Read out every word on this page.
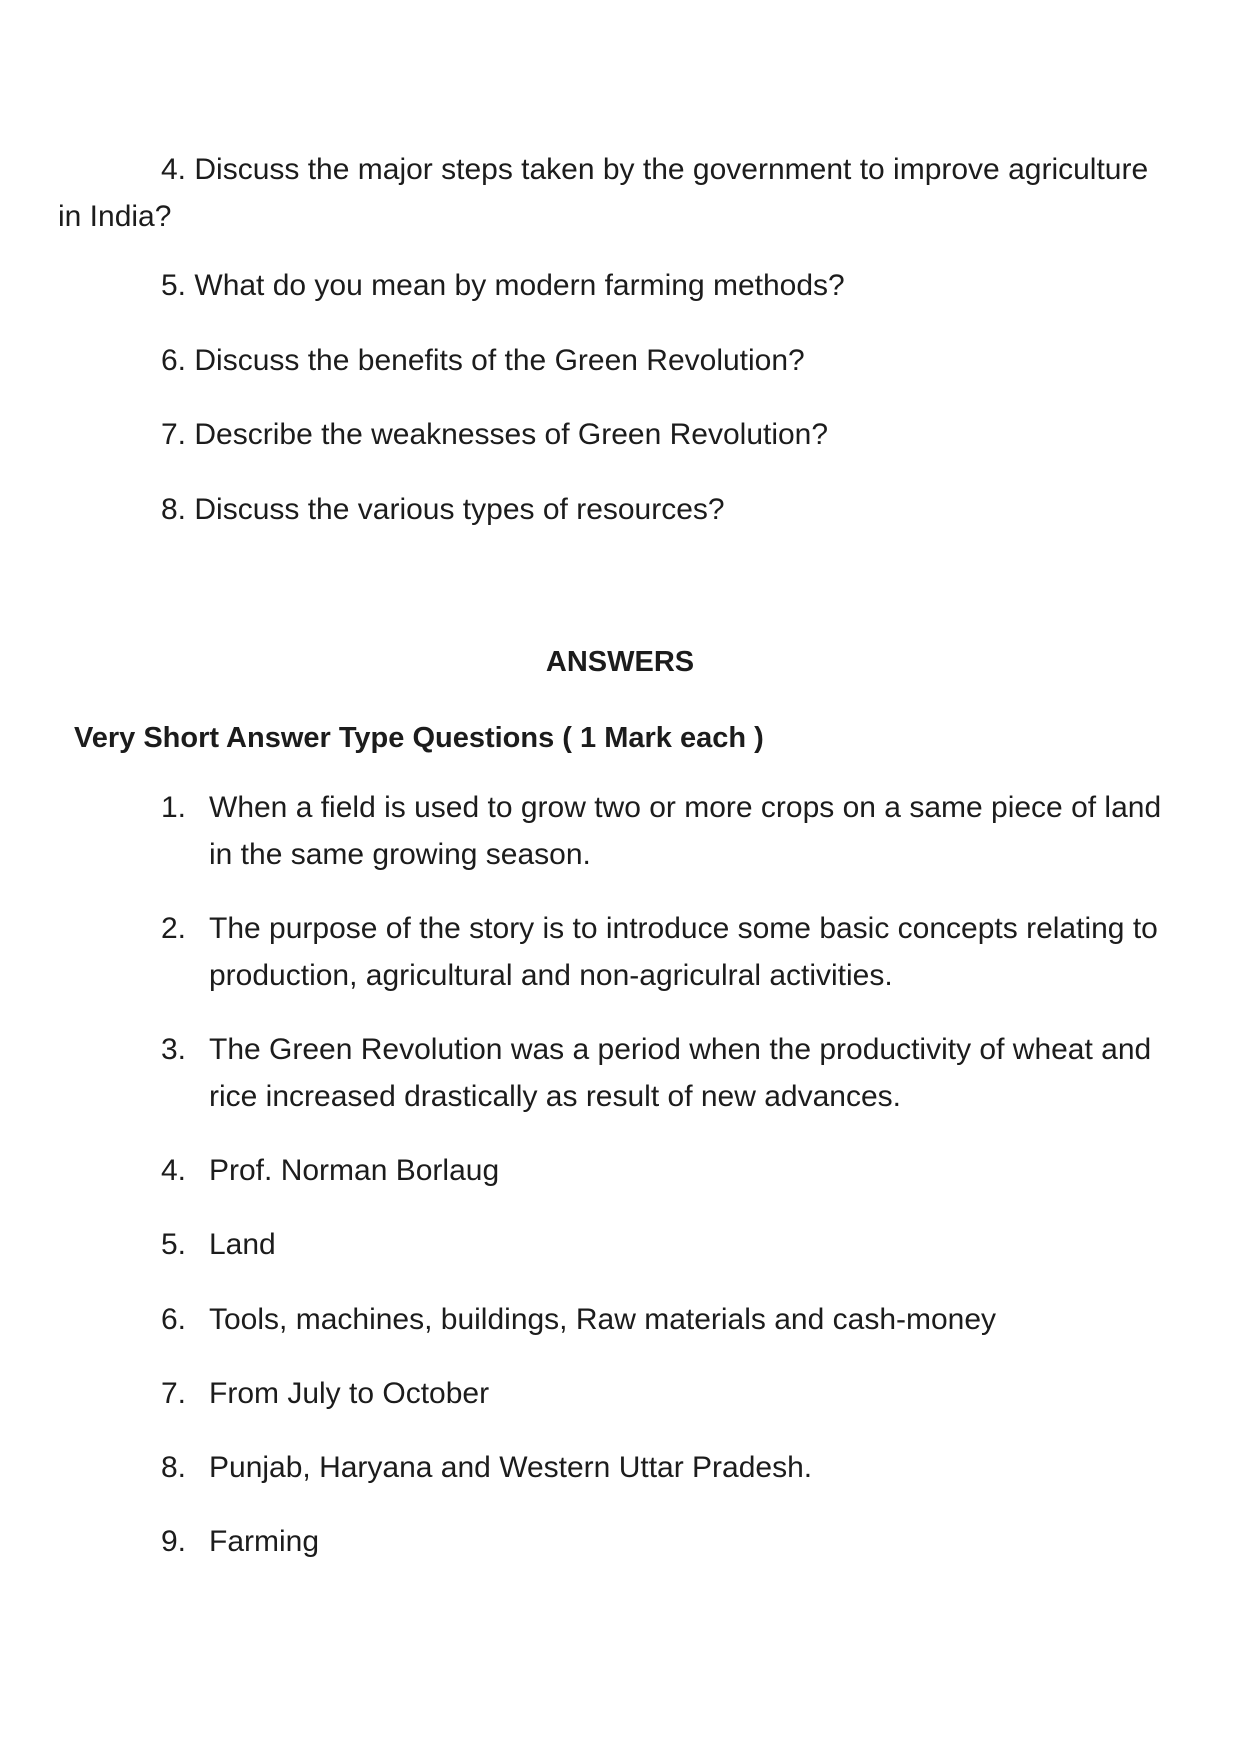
4. Discuss the major steps taken by the government to improve agriculture in India?

5. What do you mean by modern farming methods?

6. Discuss the benefits of the Green Revolution?

7. Describe the weaknesses of Green Revolution?

8. Discuss the various types of resources?

ANSWERS
Very Short Answer Type Questions ( 1 Mark each )
1. When a field is used to grow two or more crops on a same piece of land in the same growing season.
2. The purpose of the story is to introduce some basic concepts relating to production, agricultural and non-agriculral activities.
3. The Green Revolution was a period when the productivity of wheat and rice increased drastically as result of new advances.
4. Prof. Norman Borlaug
5. Land
6. Tools, machines, buildings, Raw materials and cash-money
7. From July to October
8. Punjab, Haryana and Western Uttar Pradesh.
9. Farming
